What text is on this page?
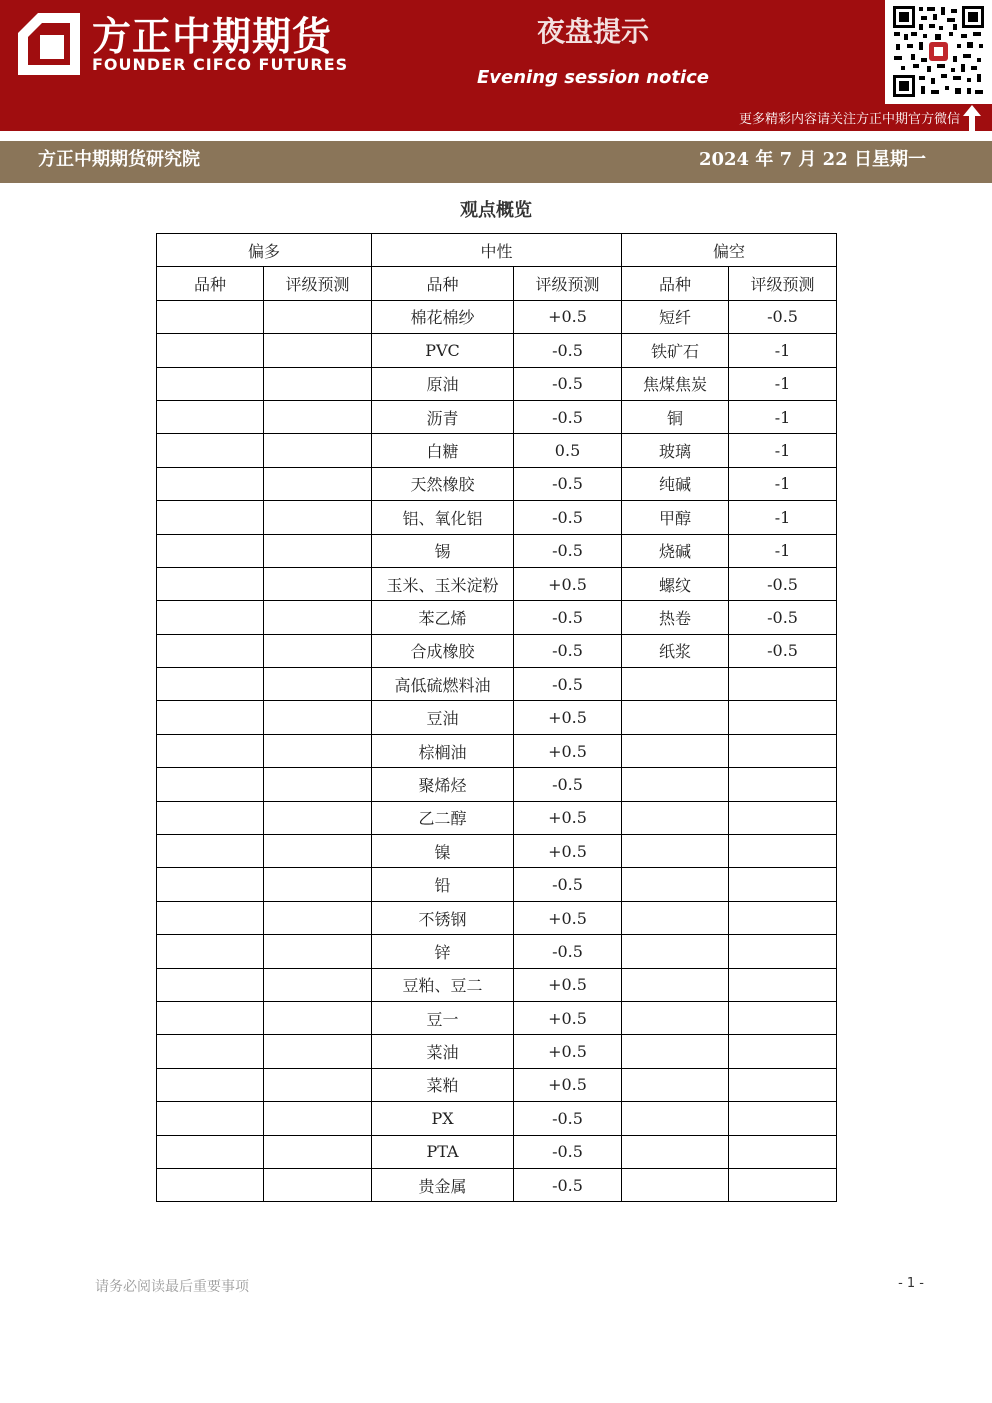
方正中期期货
FOUNDER CIFCO FUTURES
夜盘提示
Evening session notice
更多精彩内容请关注方正中期官方微信
方正中期期货研究院	2024 年 7 月 22 日星期一
观点概览
偏多		中性		偏空	
品种	评级预测	品种	评级预测	品种	评级预测
		棉花棉纱	+0.5	短纤	-0.5
		PVC	-0.5	铁矿石	-1
		原油	-0.5	焦煤焦炭	-1
		沥青	-0.5	铜	-1
		白糖	0.5	玻璃	-1
		天然橡胶	-0.5	纯碱	-1
		铝、氧化铝	-0.5	甲醇	-1
		锡	-0.5	烧碱	-1
		玉米、玉米淀粉	+0.5	螺纹	-0.5
		苯乙烯	-0.5	热卷	-0.5
		合成橡胶	-0.5	纸浆	-0.5
		高低硫燃料油	-0.5		
		豆油	+0.5		
		棕榈油	+0.5		
		聚烯烃	-0.5		
		乙二醇	+0.5		
		镍	+0.5		
		铅	-0.5		
		不锈钢	+0.5		
		锌	-0.5		
		豆粕、豆二	+0.5		
		豆一	+0.5		
		菜油	+0.5		
		菜粕	+0.5		
		PX	-0.5		
		PTA	-0.5		
		贵金属	-0.5		
请务必阅读最后重要事项	- 1 -
